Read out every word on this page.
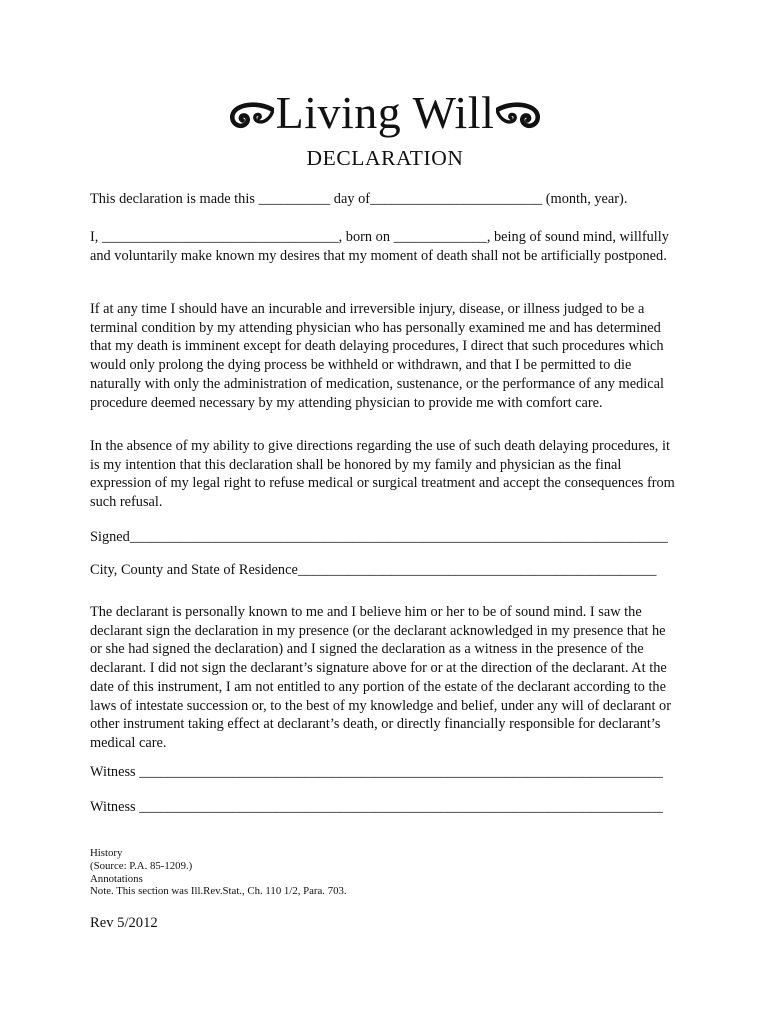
Living Will
DECLARATION
This declaration is made this __________ day of________________________ (month, year).
I, _________________________________, born on _____________, being of sound mind, willfully and voluntarily make known my desires that my moment of death shall not be artificially postponed.
If at any time I should have an incurable and irreversible injury, disease, or illness judged to be a terminal condition by my attending physician who has personally examined me and has determined that my death is imminent except for death delaying procedures, I direct that such procedures which would only prolong the dying process be withheld or withdrawn, and that I be permitted to die naturally with only the administration of medication, sustenance, or the performance of any medical procedure deemed necessary by my attending physician to provide me with comfort care.
In the absence of my ability to give directions regarding the use of such death delaying procedures, it is my intention that this declaration shall be honored by my family and physician as the final expression of my legal right to refuse medical or surgical treatment and accept the consequences from such refusal.
Signed___________________________________________________________________________
City, County and State of Residence__________________________________________________
The declarant is personally known to me and I believe him or her to be of sound mind. I saw the declarant sign the declaration in my presence (or the declarant acknowledged in my presence that he or she had signed the declaration) and I signed the declaration as a witness in the presence of the declarant. I did not sign the declarant’s signature above for or at the direction of the declarant. At the date of this instrument, I am not entitled to any portion of the estate of the declarant according to the laws of intestate succession or, to the best of my knowledge and belief, under any will of declarant or other instrument taking effect at declarant’s death, or directly financially responsible for declarant’s medical care.
Witness _________________________________________________________________________
Witness _________________________________________________________________________
History
(Source: P.A. 85-1209.)
Annotations
Note. This section was Ill.Rev.Stat., Ch. 110 1/2, Para. 703.
Rev 5/2012
